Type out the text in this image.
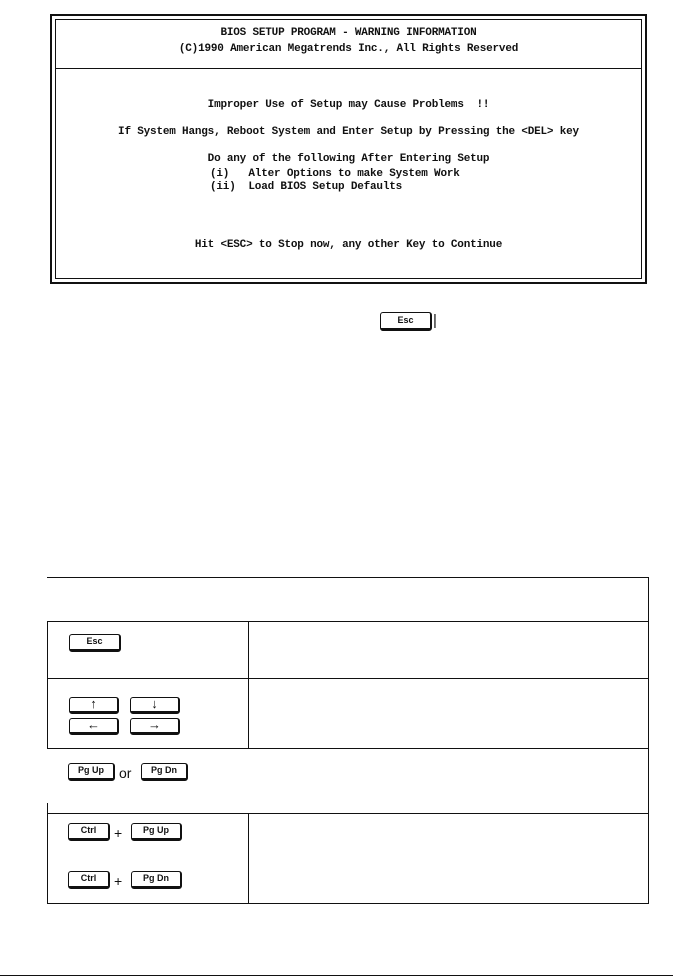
BIOS SETUP PROGRAM - WARNING INFORMATION
(C)1990 American Megatrends Inc., All Rights Reserved
Improper Use of Setup may Cause Problems  !!
If System Hangs, Reboot System and Enter Setup by Pressing the <DEL> key
Do any of the following After Entering Setup
(i)   Alter Options to make System Work
(ii)  Load BIOS Setup Defaults
Hit <ESC> to Stop now, any other Key to Continue
Esc	|
Esc
↑	↓
←	→
Pg Up	or	Pg Dn
Ctrl	+	Pg Up
Ctrl	+	Pg Dn
